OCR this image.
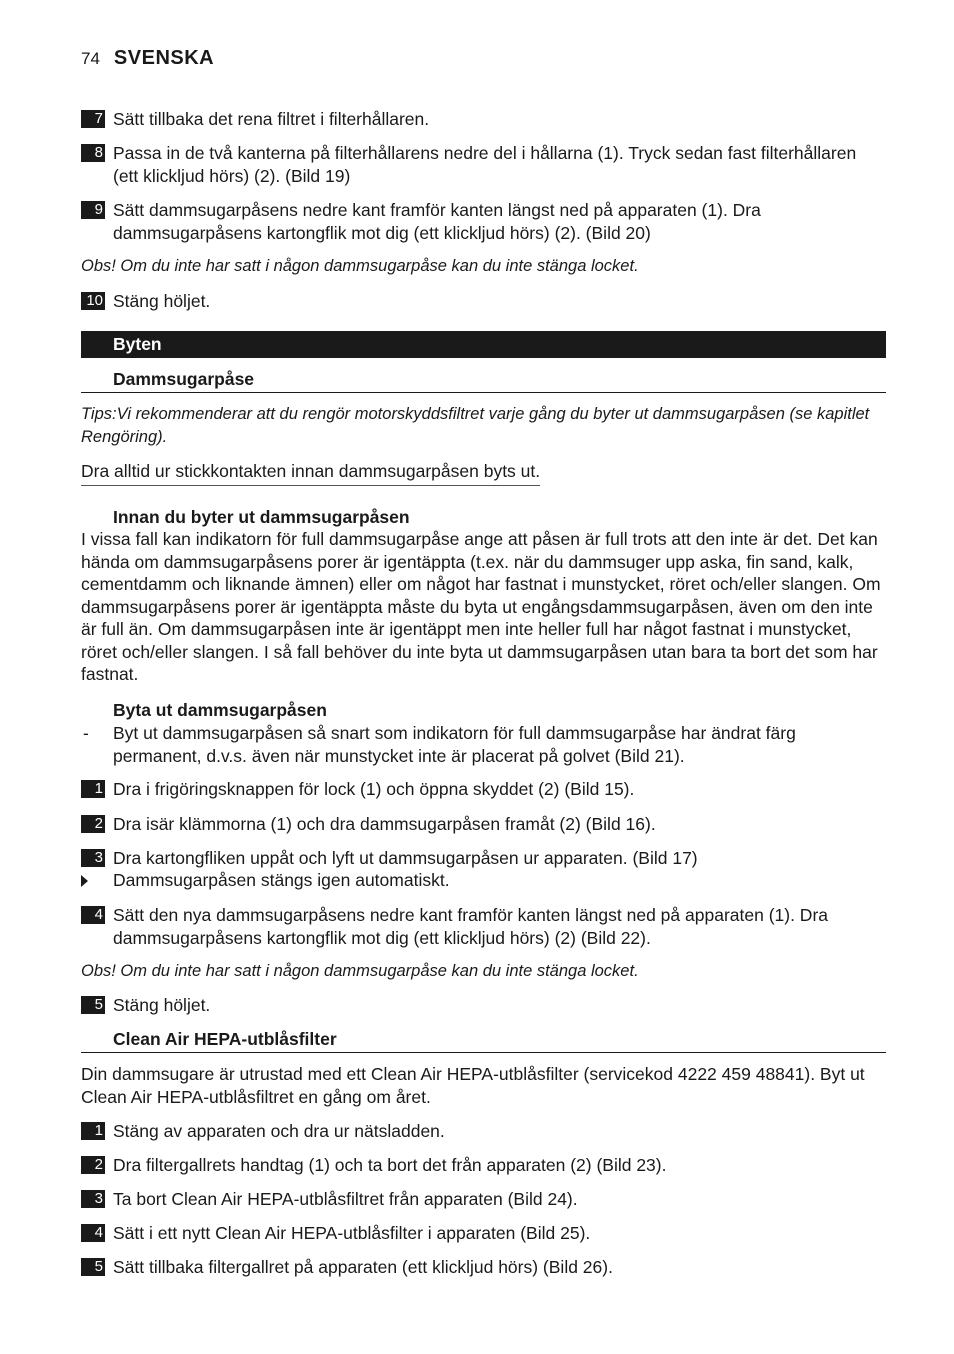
74 SVENSKA
7 Sätt tillbaka det rena filtret i filterhållaren.
8 Passa in de två kanterna på filterhållarens nedre del i hållarna (1). Tryck sedan fast filterhållaren (ett klickljud hörs) (2). (Bild 19)
9 Sätt dammsugarpåsens nedre kant framför kanten längst ned på apparaten (1). Dra dammsugarpåsens kartongflik mot dig (ett klickljud hörs) (2). (Bild 20)
Obs! Om du inte har satt i någon dammsugarpåse kan du inte stänga locket.
10 Stäng höljet.
Byten
Dammsugarpåse
Tips:Vi rekommenderar att du rengör motorskyddsfiltret varje gång du byter ut dammsugarpåsen (se kapitlet Rengöring).
Dra alltid ur stickkontakten innan dammsugarpåsen byts ut.
Innan du byter ut dammsugarpåsen
I vissa fall kan indikatorn för full dammsugarpåse ange att påsen är full trots att den inte är det. Det kan hända om dammsugarpåsens porer är igentäppta (t.ex. när du dammsuger upp aska, fin sand, kalk, cementdamm och liknande ämnen) eller om något har fastnat i munstycket, röret och/eller slangen. Om dammsugarpåsens porer är igentäppta måste du byta ut engångsdammsugarpåsen, även om den inte är full än. Om dammsugarpåsen inte är igentäppt men inte heller full har något fastnat i munstycket, röret och/eller slangen. I så fall behöver du inte byta ut dammsugarpåsen utan bara ta bort det som har fastnat.
Byta ut dammsugarpåsen
- Byt ut dammsugarpåsen så snart som indikatorn för full dammsugarpåse har ändrat färg permanent, d.v.s. även när munstycket inte är placerat på golvet (Bild 21).
1 Dra i frigöringsknappen för lock (1) och öppna skyddet (2) (Bild 15).
2 Dra isär klämmorna (1) och dra dammsugarpåsen framåt (2) (Bild 16).
3 Dra kartongfliken uppåt och lyft ut dammsugarpåsen ur apparaten. (Bild 17)
Dammsugarpåsen stängs igen automatiskt.
4 Sätt den nya dammsugarpåsens nedre kant framför kanten längst ned på apparaten (1). Dra dammsugarpåsens kartongflik mot dig (ett klickljud hörs) (2) (Bild 22).
Obs! Om du inte har satt i någon dammsugarpåse kan du inte stänga locket.
5 Stäng höljet.
Clean Air HEPA-utblåsfilter
Din dammsugare är utrustad med ett Clean Air HEPA-utblåsfilter (servicekod 4222 459 48841). Byt ut Clean Air HEPA-utblåsfiltret en gång om året.
1 Stäng av apparaten och dra ur nätsladden.
2 Dra filtergallrets handtag (1) och ta bort det från apparaten (2) (Bild 23).
3 Ta bort Clean Air HEPA-utblåsfiltret från apparaten (Bild 24).
4 Sätt i ett nytt Clean Air HEPA-utblåsfilter i apparaten (Bild 25).
5 Sätt tillbaka filtergallret på apparaten (ett klickljud hörs) (Bild 26).
